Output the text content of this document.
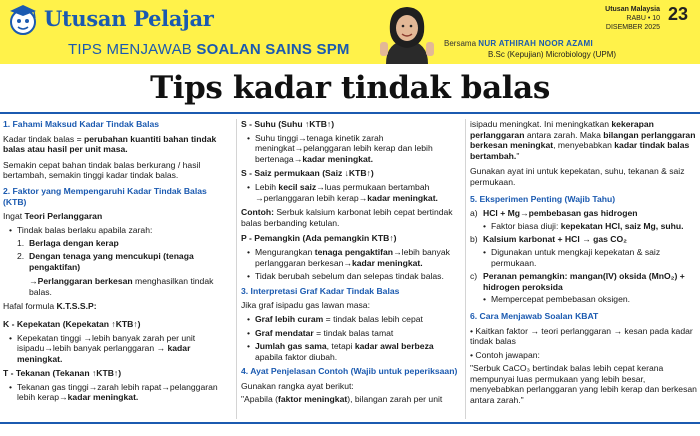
Utusan Pelajar
TIPS MENJAWAB SOALAN SAINS SPM	Bersama NUR ATHIRAH NOOR AZAMI
B.Sc (Kepujian) Microbiology (UPM)
Utusan Malaysia
RABU • 10 DISEMBER 2025
23
Tips kadar tindak balas
1. Fahami Maksud Kadar Tindak Balas
Kadar tindak balas = perubahan kuantiti bahan tindak balas atau hasil per unit masa.
Semakin cepat bahan tindak balas berkurang / hasil bertambah, semakin tinggi kadar tindak balas.
2. Faktor yang Mempengaruhi Kadar Tindak Balas (KTB)
Ingat Teori Perlanggaran
• Tindak balas berlaku apabila zarah:
1. Berlaga dengan kerap
2. Dengan tenaga yang mencukupi (tenaga pengaktifan)
→Perlanggaran berkesan menghasilkan tindak balas.
Hafal formula K.T.S.S.P:
K - Kepekatan (Kepekatan ↑KTB↑)
• Kepekatan tinggi →lebih banyak zarah per unit isipadu→lebih banyak perlanggaran → kadar meningkat.
T - Tekanan (Tekanan ↑KTB↑)
• Tekanan gas tinggi→zarah lebih rapat→pelanggaran lebih kerap→kadar meningkat.
S - Suhu (Suhu ↑KTB↑)
• Suhu tinggi→tenaga kinetik zarah meningkat→pelanggaran lebih kerap dan lebih bertenaga→kadar meningkat.
S - Saiz permukaan (Saiz ↓KTB↑)
• Lebih kecil saiz→luas permukaan bertambah →perlanggaran lebih kerap→kadar meningkat.
Contoh: Serbuk kalsium karbonat lebih cepat bertindak balas berbanding ketulan.
P - Pemangkin (Ada pemangkin KTB↑)
• Mengurangkan tenaga pengaktifan→lebih banyak perlanggaran berkesan→kadar meningkat.
• Tidak berubah sebelum dan selepas tindak balas.
3. Interpretasi Graf Kadar Tindak Balas
Jika graf isipadu gas lawan masa:
• Graf lebih curam = tindak balas lebih cepat
• Graf mendatar = tindak balas tamat
• Jumlah gas sama, tetapi kadar awal berbeza apabila faktor diubah.
4. Ayat Penjelasan Contoh (Wajib untuk peperiksaan)
Gunakan rangka ayat berikut:
"Apabila (faktor meningkat), bilangan zarah per unit
isipadu meningkat. Ini meningkatkan kekerapan perlanggaran antara zarah. Maka bilangan perlanggaran berkesan meningkat, menyebabkan kadar tindak balas bertambah."
Gunakan ayat ini untuk kepekatan, suhu, tekanan & saiz permukaan.
5. Eksperimen Penting (Wajib Tahu)
a) HCl + Mg→pembebasan gas hidrogen
• Faktor biasa diuji: kepekatan HCl, saiz Mg, suhu.
b) Kalsium karbonat + HCl → gas CO₂
• Digunakan untuk mengkaji kepekatan & saiz permukaan.
c) Peranan pemangkin: mangan(IV) oksida (MnO₂) + hidrogen peroksida
• Mempercepat pembebasan oksigen.
6. Cara Menjawab Soalan KBAT
• Kaitkan faktor → teori perlanggaran → kesan pada kadar tindak balas
• Contoh jawapan:
"Serbuk CaCO₃ bertindak balas lebih cepat kerana mempunyai luas permukaan yang lebih besar, menyebabkan perlanggaran yang lebih kerap dan berkesan antara zarah."
